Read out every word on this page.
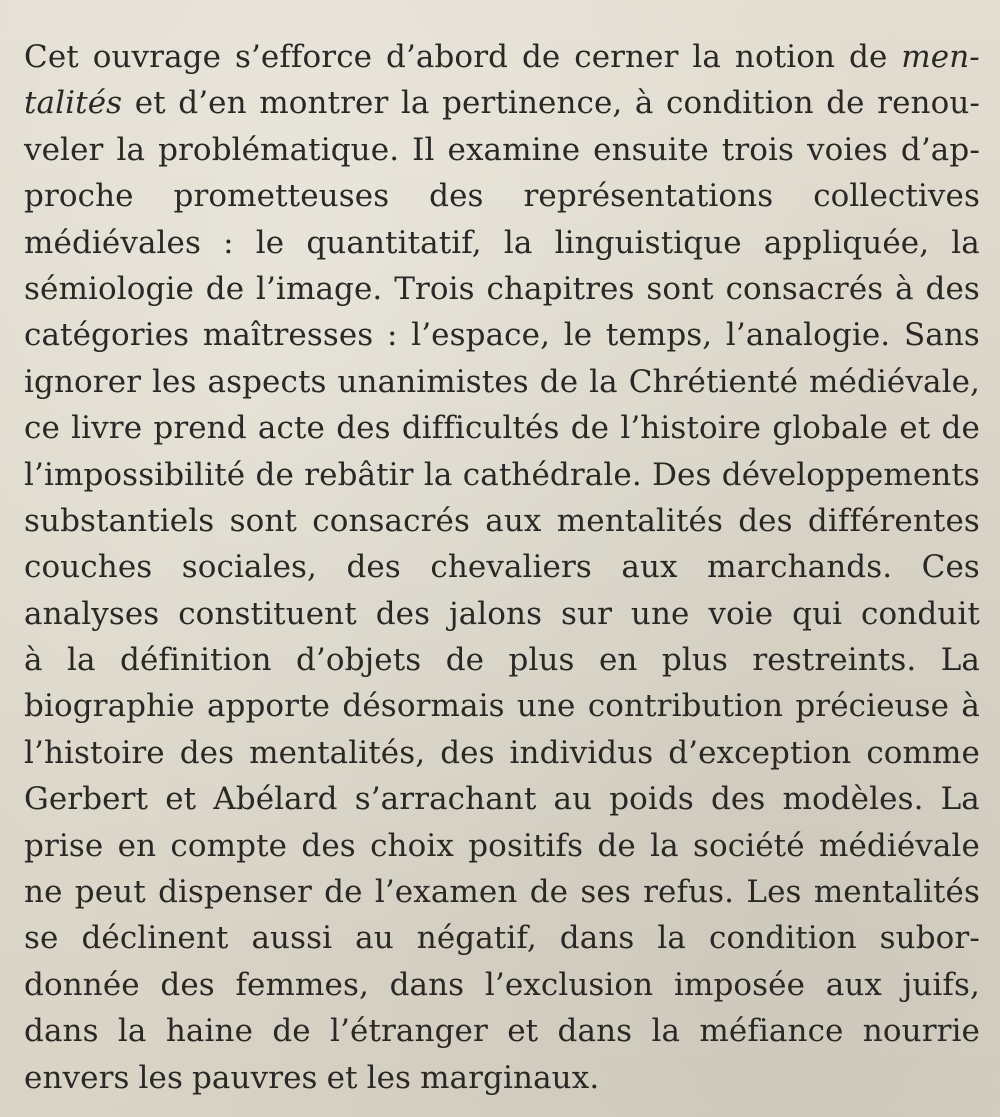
Cet ouvrage s’efforce d’abord de cerner la notion de men-
talités et d’en montrer la pertinence, à condition de renou-
veler la problématique. Il examine ensuite trois voies d’ap-
proche prometteuses des représentations collectives
médiévales : le quantitatif, la linguistique appliquée, la
sémiologie de l’image. Trois chapitres sont consacrés à des
catégories maîtresses : l’espace, le temps, l’analogie. Sans
ignorer les aspects unanimistes de la Chrétienté médiévale,
ce livre prend acte des difficultés de l’histoire globale et de
l’impossibilité de rebâtir la cathédrale. Des développements
substantiels sont consacrés aux mentalités des différentes
couches sociales, des chevaliers aux marchands. Ces
analyses constituent des jalons sur une voie qui conduit
à la définition d’objets de plus en plus restreints. La
biographie apporte désormais une contribution précieuse à
l’histoire des mentalités, des individus d’exception comme
Gerbert et Abélard s’arrachant au poids des modèles. La
prise en compte des choix positifs de la société médiévale
ne peut dispenser de l’examen de ses refus. Les mentalités
se déclinent aussi au négatif, dans la condition subor-
donnée des femmes, dans l’exclusion imposée aux juifs,
dans la haine de l’étranger et dans la méfiance nourrie
envers les pauvres et les marginaux.
